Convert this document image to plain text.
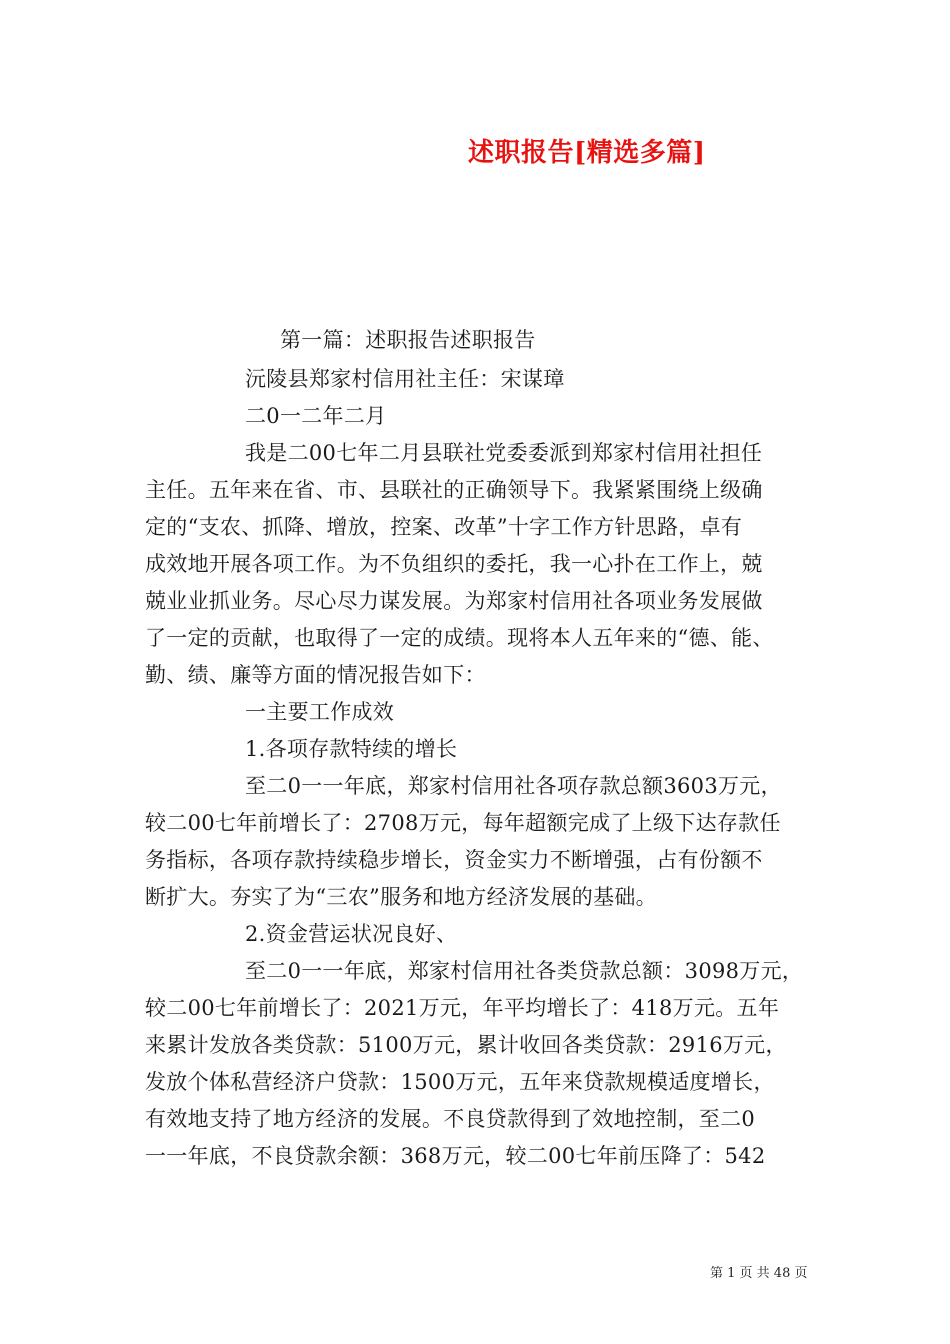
述职报告[精选多篇]
第一篇：述职报告述职报告
沅陵县郑家村信用社主任：宋谋璋
二0一二年二月
我是二00七年二月县联社党委委派到郑家村信用社担任
主任。五年来在省、市、县联社的正确领导下。我紧紧围绕上级确
定的“支农、抓降、增放，控案、改革”十字工作方针思路，卓有
成效地开展各项工作。为不负组织的委托，我一心扑在工作上，兢
兢业业抓业务。尽心尽力谋发展。为郑家村信用社各项业务发展做
了一定的贡献，也取得了一定的成绩。现将本人五年来的“德、能、
勤、绩、廉等方面的情况报告如下：
一主要工作成效
1.各项存款特续的增长
至二0一一年底，郑家村信用社各项存款总额3603万元，
较二00七年前增长了：2708万元，每年超额完成了上级下达存款任
务指标，各项存款持续稳步增长，资金实力不断增强，占有份额不
断扩大。夯实了为“三农”服务和地方经济发展的基础。
2.资金营运状况良好、
至二0一一年底，郑家村信用社各类贷款总额：3098万元，
较二00七年前增长了：2021万元，年平均增长了：418万元。五年
来累计发放各类贷款：5100万元，累计收回各类贷款：2916万元，
发放个体私营经济户贷款：1500万元，五年来贷款规模适度增长，
有效地支持了地方经济的发展。不良贷款得到了效地控制，至二0
一一年底，不良贷款余额：368万元，较二00七年前压降了：542
第 1 页 共 48 页
